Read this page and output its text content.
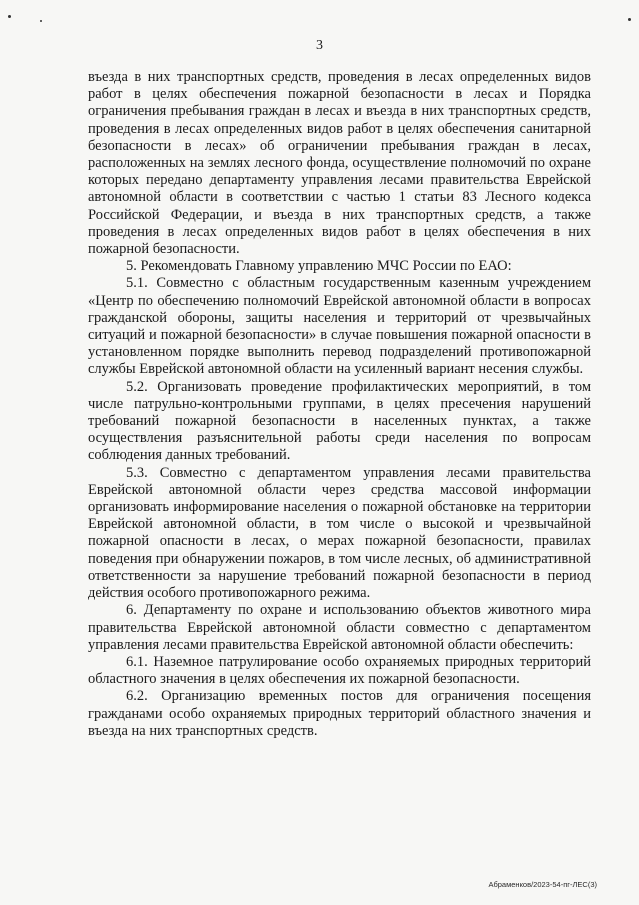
3

въезда в них транспортных средств, проведения в лесах определенных видов работ в целях обеспечения пожарной безопасности в лесах и Порядка ограничения пребывания граждан в лесах и въезда в них транспортных средств, проведения в лесах определенных видов работ в целях обеспечения санитарной безопасности в лесах» об ограничении пребывания граждан в лесах, расположенных на землях лесного фонда, осуществление полномочий по охране которых передано департаменту управления лесами правительства Еврейской автономной области в соответствии с частью 1 статьи 83 Лесного кодекса Российской Федерации, и въезда в них транспортных средств, а также проведения в лесах определенных видов работ в целях обеспечения в них пожарной безопасности.

5. Рекомендовать Главному управлению МЧС России по ЕАО:

5.1. Совместно с областным государственным казенным учреждением «Центр по обеспечению полномочий Еврейской автономной области в вопросах гражданской обороны, защиты населения и территорий от чрезвычайных ситуаций и пожарной безопасности» в случае повышения пожарной опасности в установленном порядке выполнить перевод подразделений противопожарной службы Еврейской автономной области на усиленный вариант несения службы.

5.2. Организовать проведение профилактических мероприятий, в том числе патрульно-контрольными группами, в целях пресечения нарушений требований пожарной безопасности в населенных пунктах, а также осуществления разъяснительной работы среди населения по вопросам соблюдения данных требований.

5.3. Совместно с департаментом управления лесами правительства Еврейской автономной области через средства массовой информации организовать информирование населения о пожарной обстановке на территории Еврейской автономной области, в том числе о высокой и чрезвычайной пожарной опасности в лесах, о мерах пожарной безопасности, правилах поведения при обнаружении пожаров, в том числе лесных, об административной ответственности за нарушение требований пожарной безопасности в период действия особого противопожарного режима.

6. Департаменту по охране и использованию объектов животного мира правительства Еврейской автономной области совместно с департаментом управления лесами правительства Еврейской автономной области обеспечить:

6.1. Наземное патрулирование особо охраняемых природных территорий областного значения в целях обеспечения их пожарной безопасности.

6.2. Организацию временных постов для ограничения посещения гражданами особо охраняемых природных территорий областного значения и въезда на них транспортных средств.

Абраменков/2023-54-пг-ЛЕС(3)
